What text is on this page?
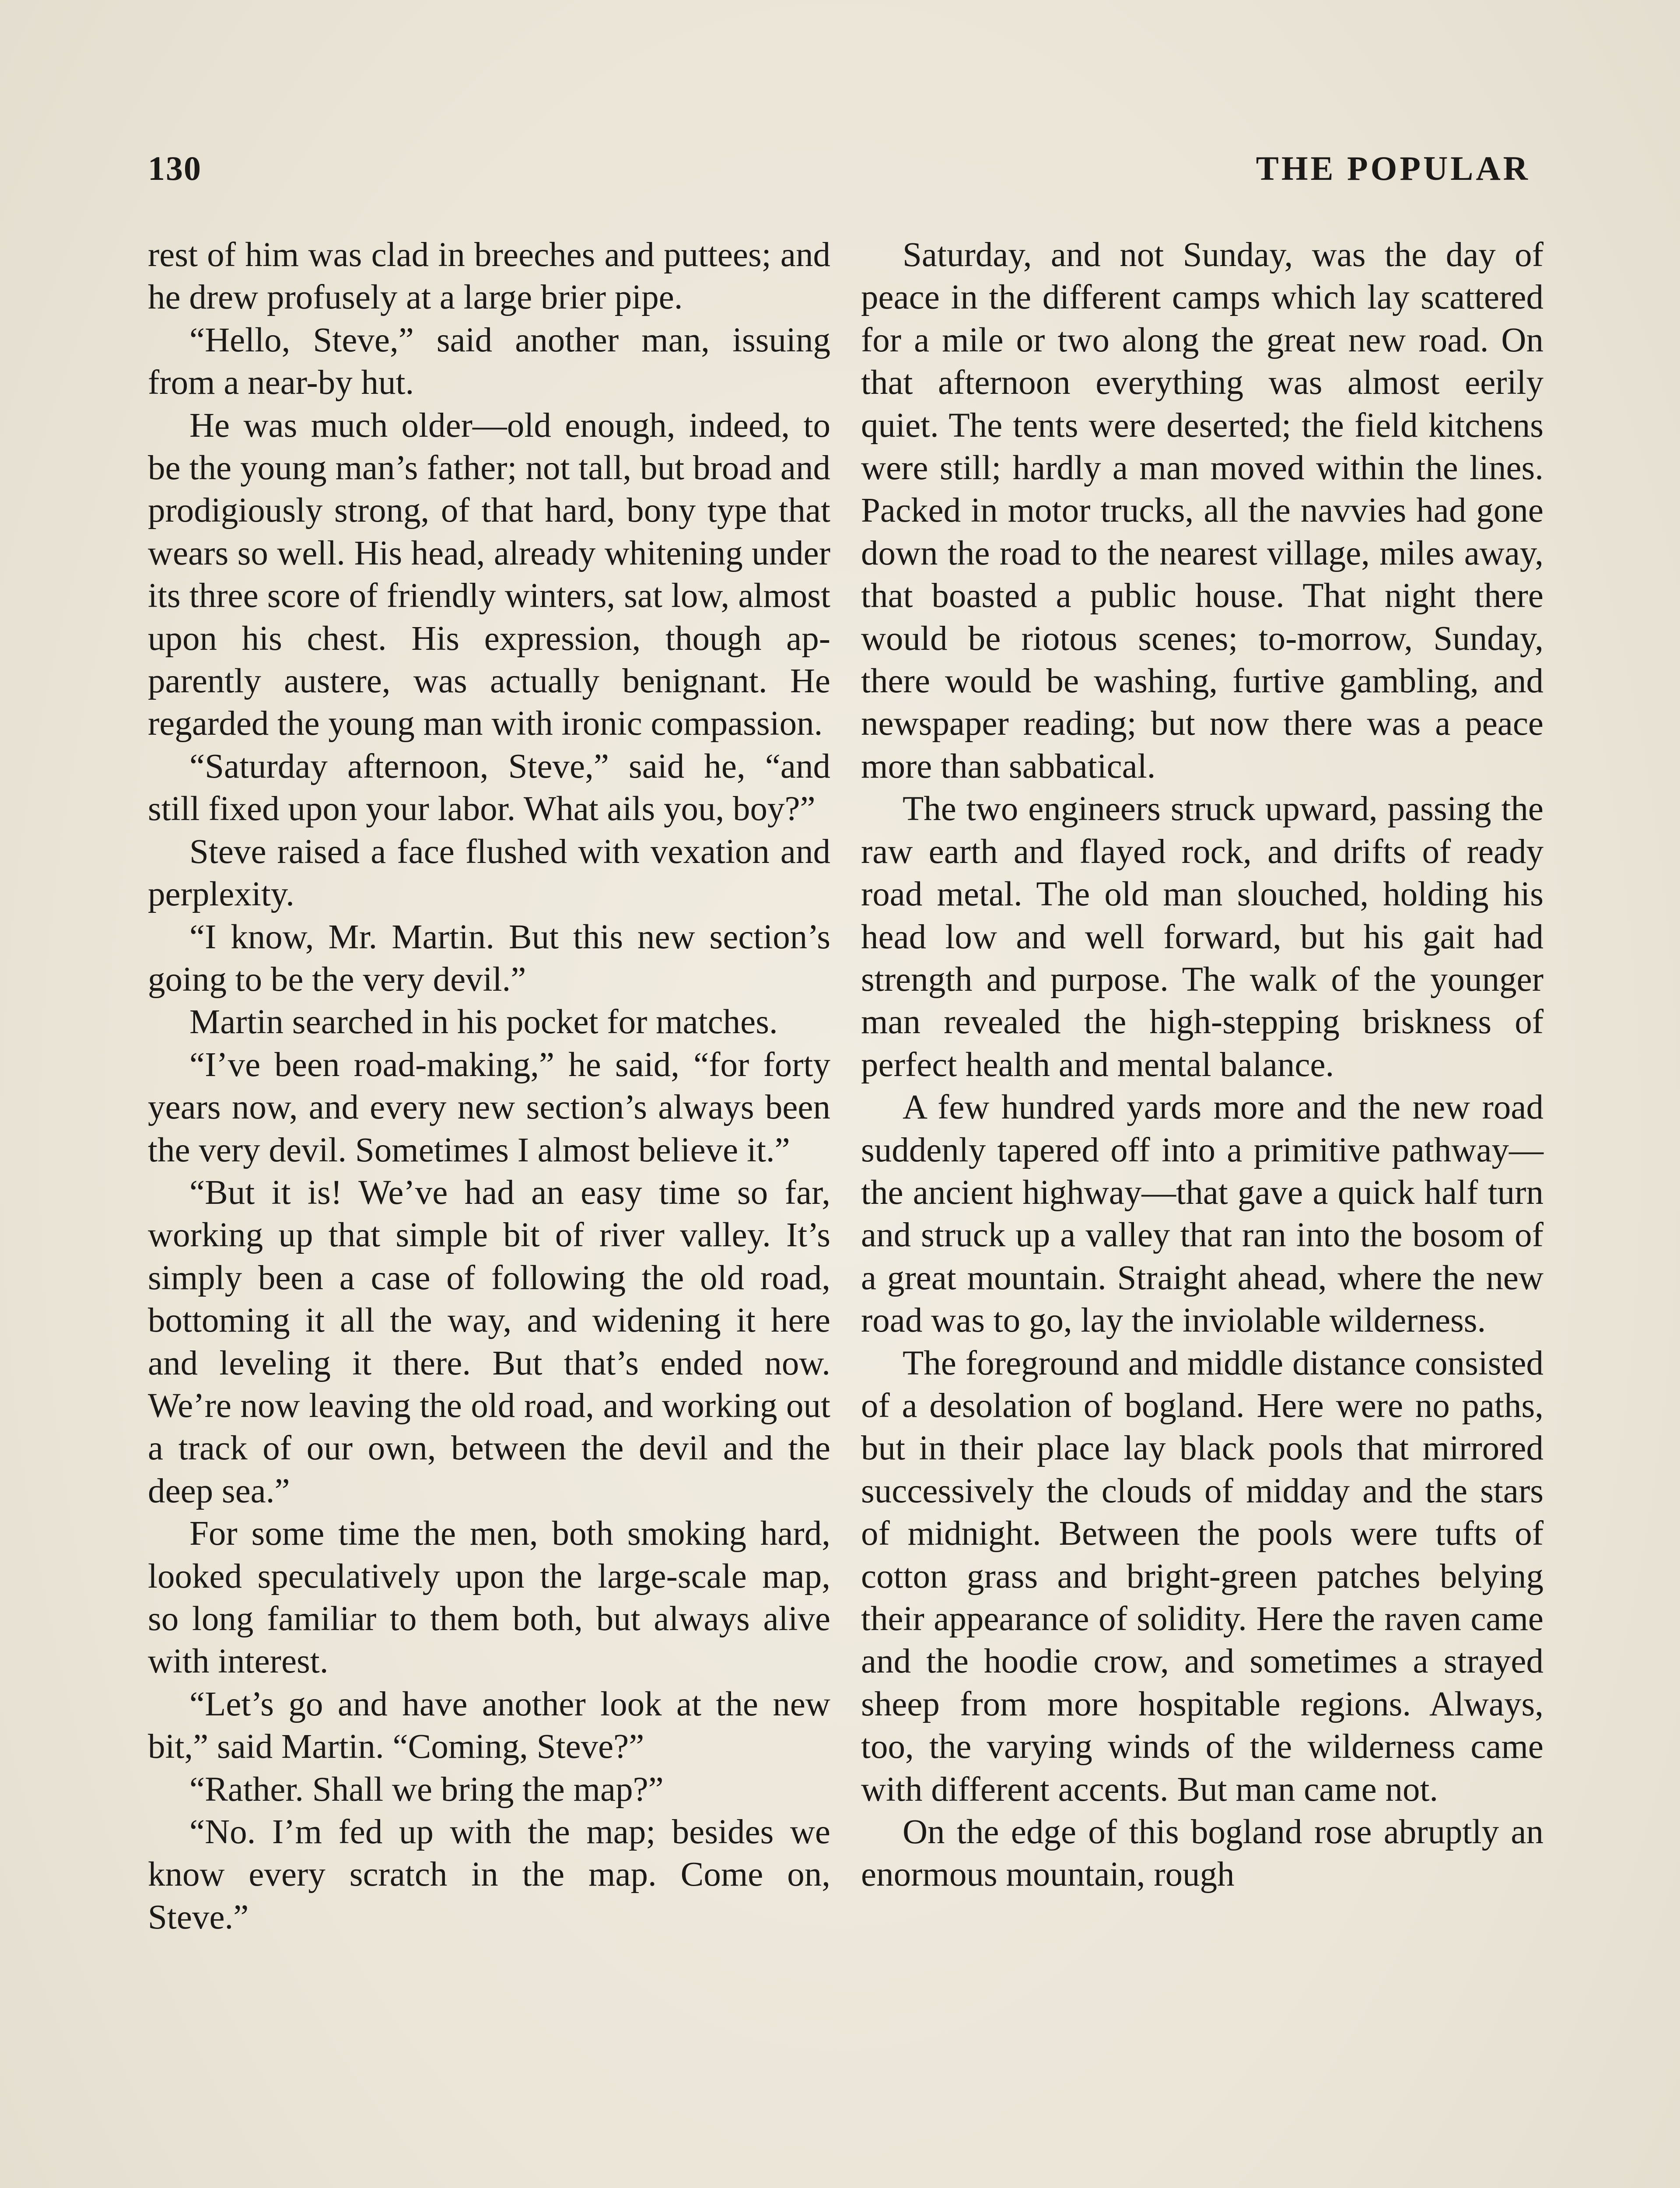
130	THE POPULAR

rest of him was clad in breeches and puttees; and he drew profusely at a large brier pipe.

“Hello, Steve,” said another man, issuing from a near-by hut.

He was much older—old enough, indeed, to be the young man’s father; not tall, but broad and prodigiously strong, of that hard, bony type that wears so well. His head, already whitening under its three score of friendly winters, sat low, almost upon his chest. His expression, though apparently austere, was actually benignant. He regarded the young man with ironic compassion.

“Saturday afternoon, Steve,” said he, “and still fixed upon your labor. What ails you, boy?”

Steve raised a face flushed with vexation and perplexity.

“I know, Mr. Martin. But this new section’s going to be the very devil.”

Martin searched in his pocket for matches.

“I’ve been road-making,” he said, “for forty years now, and every new section’s always been the very devil. Sometimes I almost believe it.”

“But it is! We’ve had an easy time so far, working up that simple bit of river valley. It’s simply been a case of following the old road, bottoming it all the way, and widening it here and leveling it there. But that’s ended now. We’re now leaving the old road, and working out a track of our own, between the devil and the deep sea.”

For some time the men, both smoking hard, looked speculatively upon the large-scale map, so long familiar to them both, but always alive with interest.

“Let’s go and have another look at the new bit,” said Martin. “Coming, Steve?”

“Rather. Shall we bring the map?”

“No. I’m fed up with the map; besides we know every scratch in the map. Come on, Steve.”

Saturday, and not Sunday, was the day of peace in the different camps which lay scattered for a mile or two along the great new road. On that afternoon everything was almost eerily quiet. The tents were deserted; the field kitchens were still; hardly a man moved within the lines. Packed in motor trucks, all the navvies had gone down the road to the nearest village, miles away, that boasted a public house. That night there would be riotous scenes; to-morrow, Sunday, there would be washing, furtive gambling, and newspaper reading; but now there was a peace more than sabbatical.

The two engineers struck upward, passing the raw earth and flayed rock, and drifts of ready road metal. The old man slouched, holding his head low and well forward, but his gait had strength and purpose. The walk of the younger man revealed the high-stepping briskness of perfect health and mental balance.

A few hundred yards more and the new road suddenly tapered off into a primitive pathway—the ancient highway—that gave a quick half turn and struck up a valley that ran into the bosom of a great mountain. Straight ahead, where the new road was to go, lay the inviolable wilderness.

The foreground and middle distance consisted of a desolation of bogland. Here were no paths, but in their place lay black pools that mirrored successively the clouds of midday and the stars of midnight. Between the pools were tufts of cotton grass and bright-green patches belying their appearance of solidity. Here the raven came and the hoodie crow, and sometimes a strayed sheep from more hospitable regions. Always, too, the varying winds of the wilderness came with different accents. But man came not.

On the edge of this bogland rose abruptly an enormous mountain, rough
